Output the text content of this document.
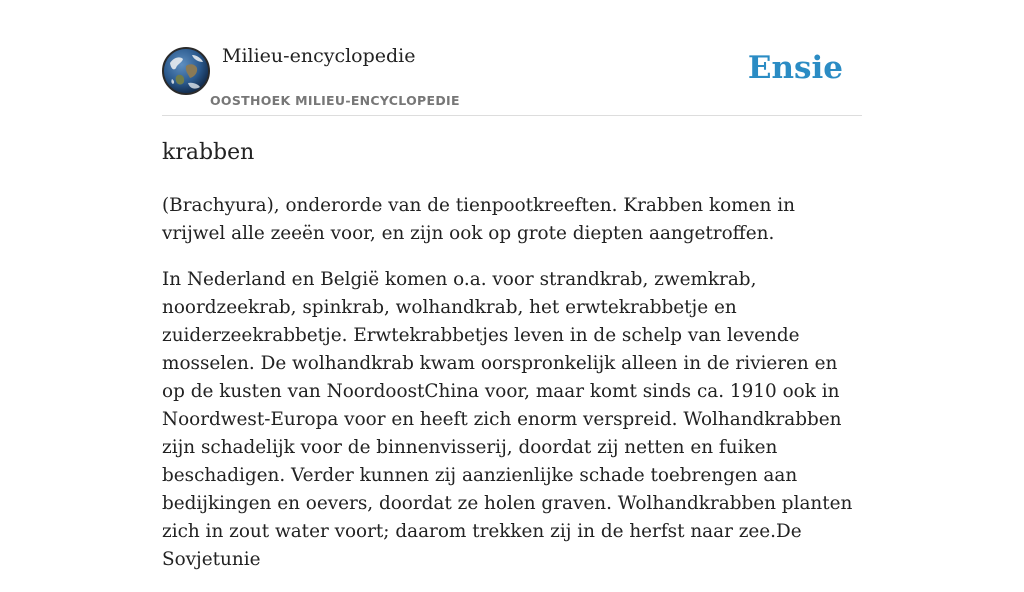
Milieu-encyclopedie
OOSTHOEK MILIEU-ENCYCLOPEDIE
Ensie
krabben

(Brachyura), onderorde van de tienpootkreeften. Krabben komen in vrijwel alle zeeën voor, en zijn ook op grote diepten aangetroffen.

In Nederland en België komen o.a. voor strandkrab, zwemkrab, noordzeekrab, spinkrab, wolhandkrab, het erwtekrabbetje en zuiderzeekrabbetje. Erwtekrabbetjes leven in de schelp van levende mosselen. De wolhandkrab kwam oorspronkelijk alleen in de rivieren en op de kusten van NoordoostChina voor, maar komt sinds ca. 1910 ook in Noordwest-Europa voor en heeft zich enorm verspreid. Wolhandkrabben zijn schadelijk voor de binnenvisserij, doordat zij netten en fuiken beschadigen. Verder kunnen zij aanzienlijke schade toebrengen aan bedijkingen en oevers, doordat ze holen graven. Wolhandkrabben planten zich in zout water voort; daarom trekken zij in de herfst naar zee.De Sovjetunie
